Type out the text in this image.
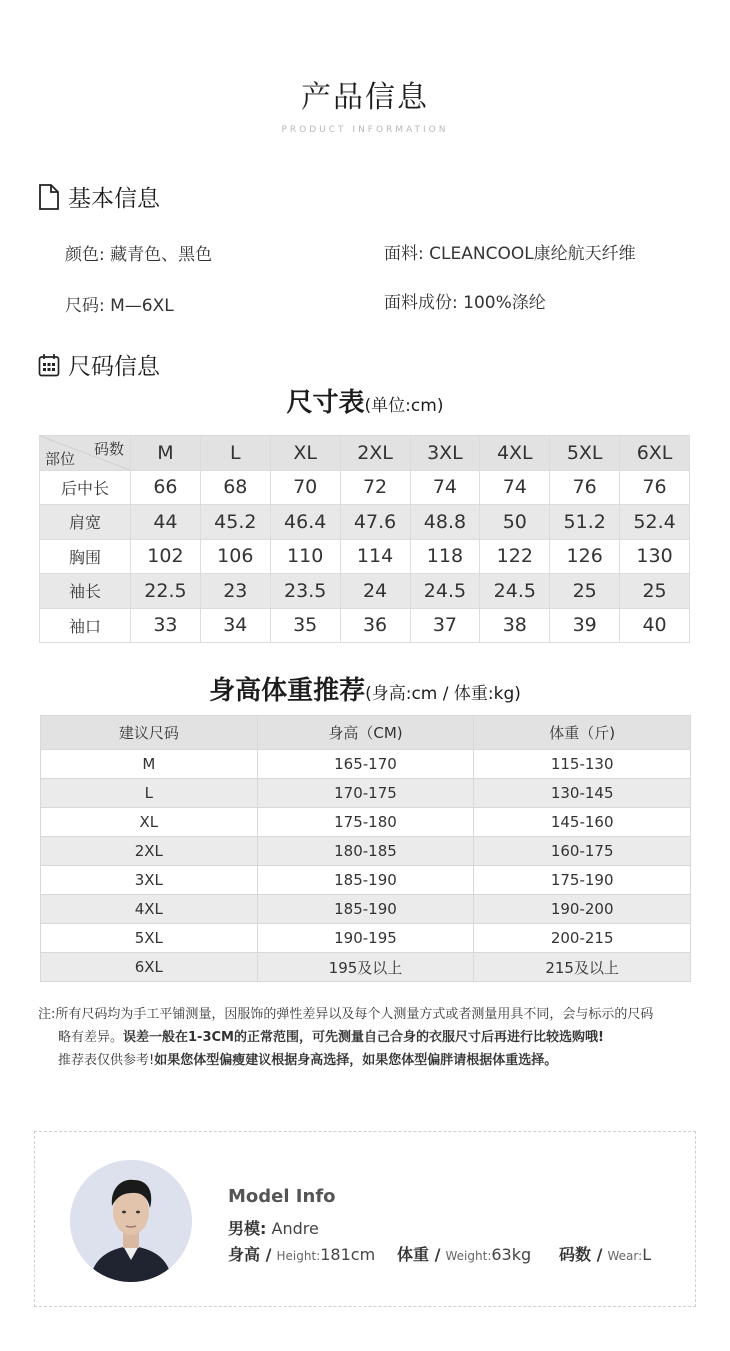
产品信息
PRODUCT INFORMATION
基本信息
颜色: 藏青色、黑色
尺码: M—6XL
面料: CLEANCOOL康纶航天纤维
面料成份: 100%涤纶
尺码信息
尺寸表(单位:cm)
码数
部位	M	L	XL	2XL	3XL	4XL	5XL	6XL
后中长	66	68	70	72	74	74	76	76
肩宽	44	45.2	46.4	47.6	48.8	50	51.2	52.4
胸围	102	106	110	114	118	122	126	130
袖长	22.5	23	23.5	24	24.5	24.5	25	25
袖口	33	34	35	36	37	38	39	40
身高体重推荐(身高:cm / 体重:kg)
建议尺码	身高（CM)	体重（斤)
M	165-170	115-130
L	170-175	130-145
XL	175-180	145-160
2XL	180-185	160-175
3XL	185-190	175-190
4XL	185-190	190-200
5XL	190-195	200-215
6XL	195及以上	215及以上
注:所有尺码均为手工平铺测量，因服饰的弹性差异以及每个人测量方式或者测量用具不同，会与标示的尺码
略有差异。误差一般在1-3CM的正常范围，可先测量自己合身的衣服尺寸后再进行比较选购哦!
推荐表仅供参考!如果您体型偏瘦建议根据身高选择，如果您体型偏胖请根据体重选择。
Model Info
男模: Andre
身高 / Height:181cm 体重 / Weight:63kg 码数 / Wear:L
